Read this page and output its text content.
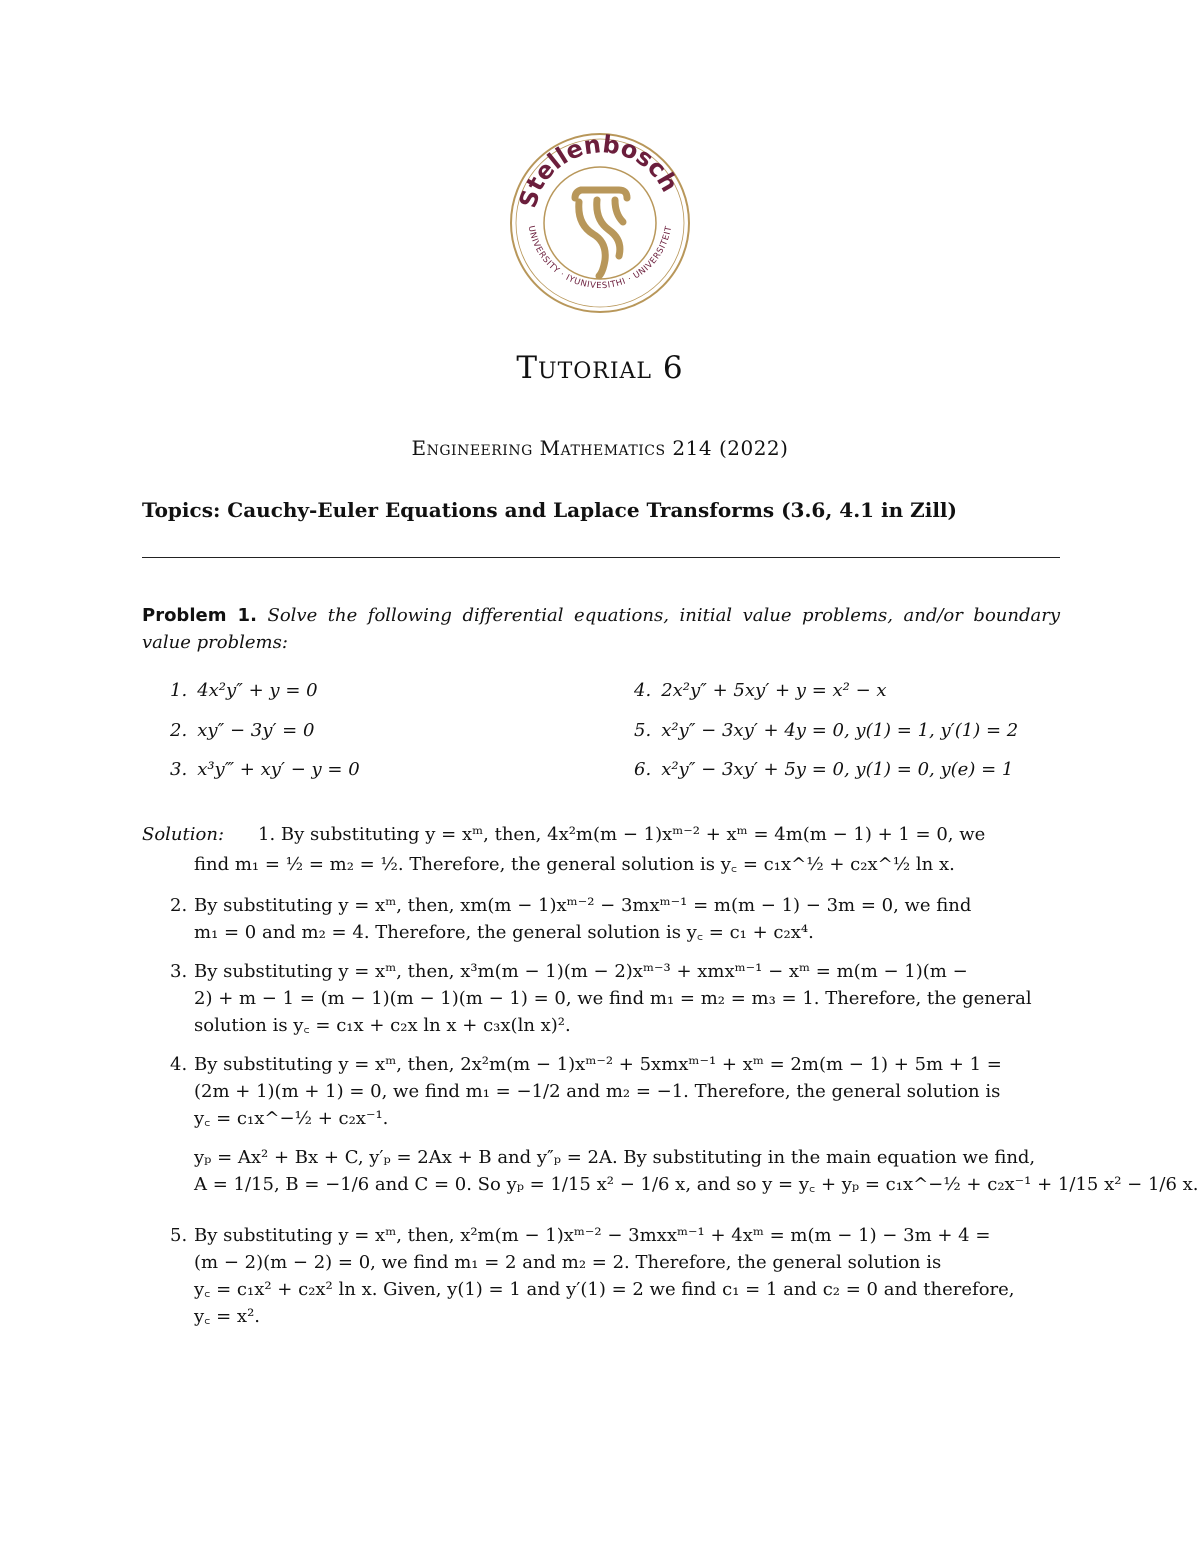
Stellenbosch
UNIVERSITY · IYUNIVESITHI · UNIVERSITEIT
Tutorial 6
Engineering Mathematics 214 (2022)
Topics: Cauchy-Euler Equations and Laplace Transforms (3.6, 4.1 in Zill)
Problem 1. Solve the following differential equations, initial value problems, and/or boundary value problems:
1. 4x²y″ + y = 0
2. xy″ − 3y′ = 0
3. x³y‴ + xy′ − y = 0
4. 2x²y″ + 5xy′ + y = x² − x
5. x²y″ − 3xy′ + 4y = 0, y(1) = 1, y′(1) = 2
6. x²y″ − 3xy′ + 5y = 0, y(1) = 0, y(e) = 1
Solution:	1. By substituting y = xᵐ, then, 4x²m(m − 1)xᵐ⁻² + xᵐ = 4m(m − 1) + 1 = 0, we
find m₁ = ½ = m₂ = ½. Therefore, the general solution is y꜀ = c₁x^½ + c₂x^½ ln x.
2. By substituting y = xᵐ, then, xm(m − 1)xᵐ⁻² − 3mxᵐ⁻¹ = m(m − 1) − 3m = 0, we find
m₁ = 0 and m₂ = 4. Therefore, the general solution is y꜀ = c₁ + c₂x⁴.
3. By substituting y = xᵐ, then, x³m(m − 1)(m − 2)xᵐ⁻³ + xmxᵐ⁻¹ − xᵐ = m(m − 1)(m −
2) + m − 1 = (m − 1)(m − 1)(m − 1) = 0, we find m₁ = m₂ = m₃ = 1. Therefore, the general
solution is y꜀ = c₁x + c₂x ln x + c₃x(ln x)².
4. By substituting y = xᵐ, then, 2x²m(m − 1)xᵐ⁻² + 5xmxᵐ⁻¹ + xᵐ = 2m(m − 1) + 5m + 1 =
(2m + 1)(m + 1) = 0, we find m₁ = −1/2 and m₂ = −1. Therefore, the general solution is
y꜀ = c₁x^−½ + c₂x⁻¹.
yₚ = Ax² + Bx + C, y′ₚ = 2Ax + B and y″ₚ = 2A. By substituting in the main equation we find,
A = 1/15, B = −1/6 and C = 0. So yₚ = 1/15 x² − 1/6 x, and so y = y꜀ + yₚ = c₁x^−½ + c₂x⁻¹ + 1/15 x² − 1/6 x.
5. By substituting y = xᵐ, then, x²m(m − 1)xᵐ⁻² − 3mxxᵐ⁻¹ + 4xᵐ = m(m − 1) − 3m + 4 =
(m − 2)(m − 2) = 0, we find m₁ = 2 and m₂ = 2. Therefore, the general solution is
y꜀ = c₁x² + c₂x² ln x. Given, y(1) = 1 and y′(1) = 2 we find c₁ = 1 and c₂ = 0 and therefore,
y꜀ = x².
